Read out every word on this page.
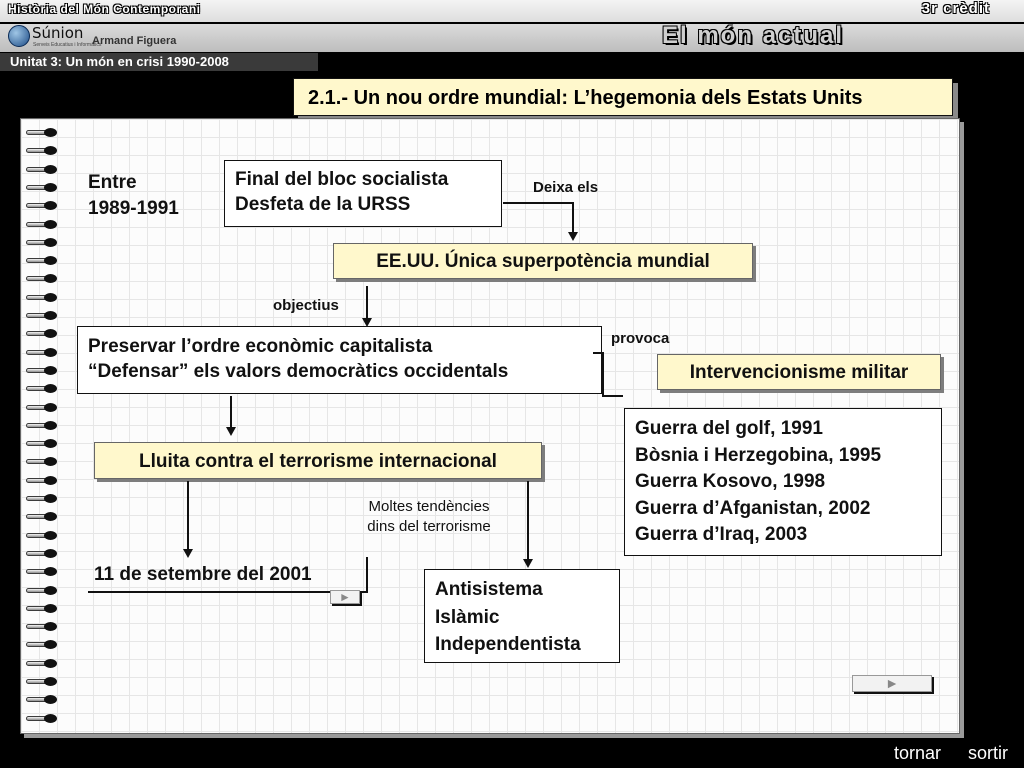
Història del Món Contemporani	3r crèdit
El món actual
Súnion
Serveis Educatius i Informàtics
Armand Figuera
Unitat 3: Un món en crisi 1990-2008
2.1.- Un nou ordre mundial: L’hegemonia dels Estats Units
Entre
1989-1991
Final del bloc socialista
Desfeta de la URSS
Deixa els
EE.UU. Única superpotència mundial
objectius
Preservar l’ordre econòmic capitalista
“Defensar” els valors democràtics occidentals
provoca
Intervencionisme militar
Guerra del golf, 1991
Bòsnia i Herzegobina, 1995
Guerra Kosovo, 1998
Guerra d’Afganistan, 2002
Guerra d’Iraq, 2003
Lluita contra el terrorisme internacional
Moltes tendències
dins del terrorisme
11 de setembre del 2001
Antisistema
Islàmic
Independentista
►
►
tornar sortir
